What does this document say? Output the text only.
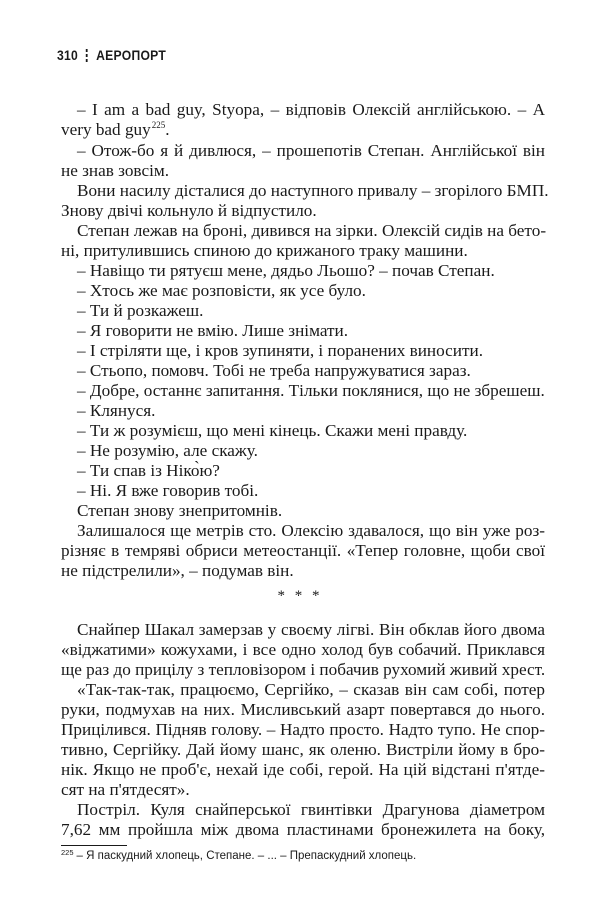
310 АЕРОПОРТ
– I am a bad guy, Styopa, – відповів Олексій англійською. – A
very bad guy$^{225}$.
– Отож-бо я й дивлюся, – прошепотів Степан. Англійської він
не знав зовсім.
Вони насилу дісталися до наступного привалу – згорілого БМП.
Знову двічі кольнуло й відпустило.
Степан лежав на броні, дивився на зірки. Олексій сидів на бето-
ні, притулившись спиною до крижаного траку машини.
– Навіщо ти рятуєш мене, дядьо Льошо? – почав Степан.
– Хтось же має розповісти, як усе було.
– Ти й розкажеш.
– Я говорити не вмію. Лише знімати.
– І стріляти ще, і кров зупиняти, і поранених виносити.
– Стьопо, помовч. Тобі не треба напружуватися зараз.
– Добре, останнє запитання. Тільки поклянися, що не збрешеш.
– Клянуся.
– Ти ж розумієш, що мені кінець. Скажи мені правду.
– Не розумію, але скажу.
– Ти спав із Ніко̀ю?
– Ні. Я вже говорив тобі.
Степан знову знепритомнів.
Залишалося ще метрів сто. Олексію здавалося, що він уже роз-
різняє в темряві обриси метеостанції. «Тепер головне, щоби свої
не підстрелили», – подумав він.
* * *
Снайпер Шакал замерзав у своєму лігві. Він обклав його двома
«віджатими» кожухами, і все одно холод був собачий. Приклався
ще раз до прицілу з тепловізором і побачив рухомий живий хрест.
«Так-так-так, працюємо, Сергійко, – сказав він сам собі, потер
руки, подмухав на них. Мисливський азарт повертався до нього.
Прицілився. Підняв голову. – Надто просто. Надто тупо. Не спор-
тивно, Сергійку. Дай йому шанс, як оленю. Вистріли йому в бро-
нік. Якщо не проб'є, нехай іде собі, герой. На цій відстані п'ятде-
сят на п'ятдесят».
Постріл. Куля снайперської гвинтівки Драгунова діаметром
7,62 мм пройшла між двома пластинами бронежилета на боку,
$^{225}$ – Я паскудний хлопець, Степане. – ... – Препаскудний хлопець.
